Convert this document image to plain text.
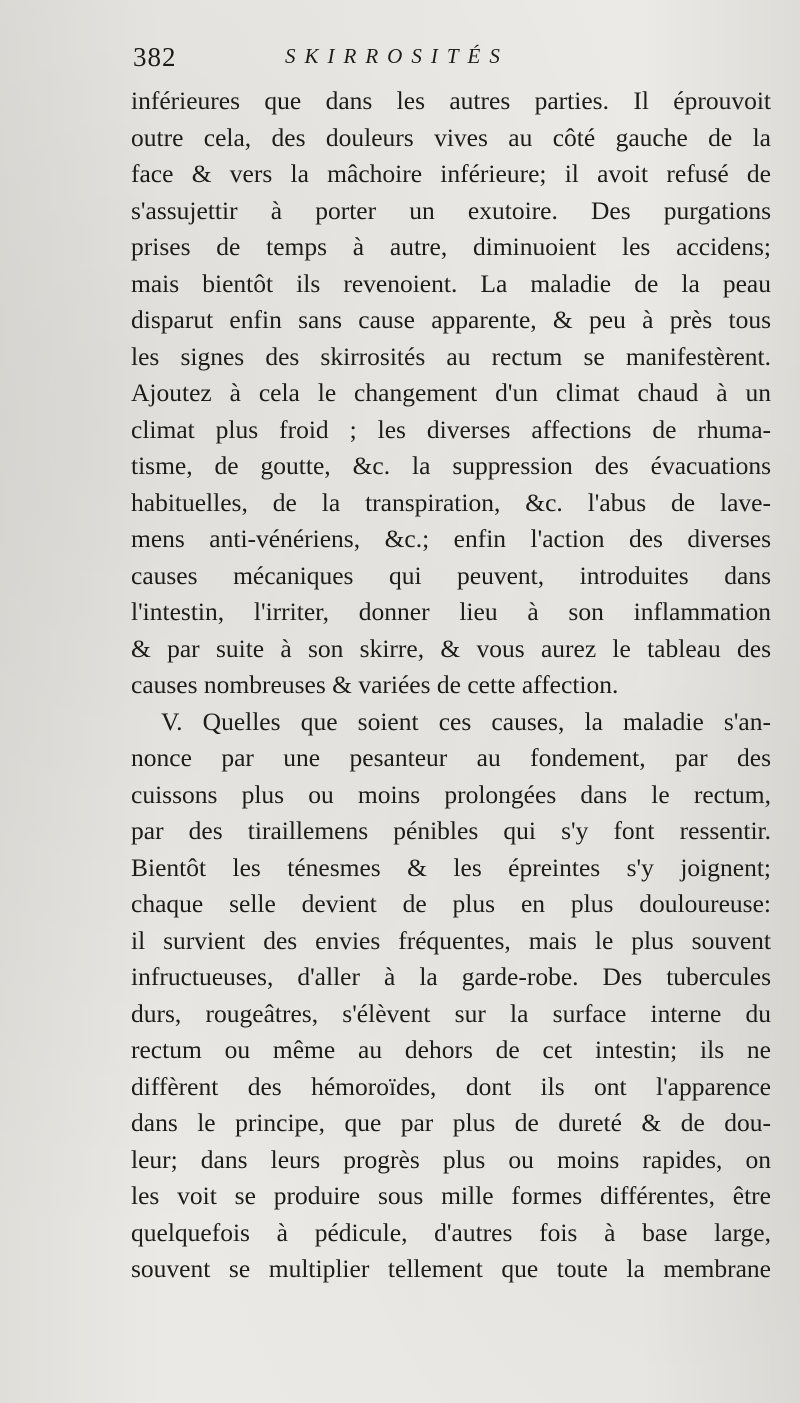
382	SKIRROSITÉS
inférieures que dans les autres parties. Il éprouvoit
outre cela, des douleurs vives au côté gauche de la
face & vers la mâchoire inférieure; il avoit refusé de
s'assujettir à porter un exutoire. Des purgations
prises de temps à autre, diminuoient les accidens;
mais bientôt ils revenoient. La maladie de la peau
disparut enfin sans cause apparente, & peu à près tous
les signes des skirrosités au rectum se manifestèrent.
Ajoutez à cela le changement d'un climat chaud à un
climat plus froid ; les diverses affections de rhuma-
tisme, de goutte, &c. la suppression des évacuations
habituelles, de la transpiration, &c. l'abus de lave-
mens anti-vénériens, &c.; enfin l'action des diverses
causes mécaniques qui peuvent, introduites dans
l'intestin, l'irriter, donner lieu à son inflammation
& par suite à son skirre, & vous aurez le tableau des
causes nombreuses & variées de cette affection.
V. Quelles que soient ces causes, la maladie s'an-
nonce par une pesanteur au fondement, par des
cuissons plus ou moins prolongées dans le rectum,
par des tiraillemens pénibles qui s'y font ressentir.
Bientôt les ténesmes & les épreintes s'y joignent;
chaque selle devient de plus en plus douloureuse:
il survient des envies fréquentes, mais le plus souvent
infructueuses, d'aller à la garde-robe. Des tubercules
durs, rougeâtres, s'élèvent sur la surface interne du
rectum ou même au dehors de cet intestin; ils ne
diffèrent des hémoroïdes, dont ils ont l'apparence
dans le principe, que par plus de dureté & de dou-
leur; dans leurs progrès plus ou moins rapides, on
les voit se produire sous mille formes différentes, être
quelquefois à pédicule, d'autres fois à base large,
souvent se multiplier tellement que toute la membrane
